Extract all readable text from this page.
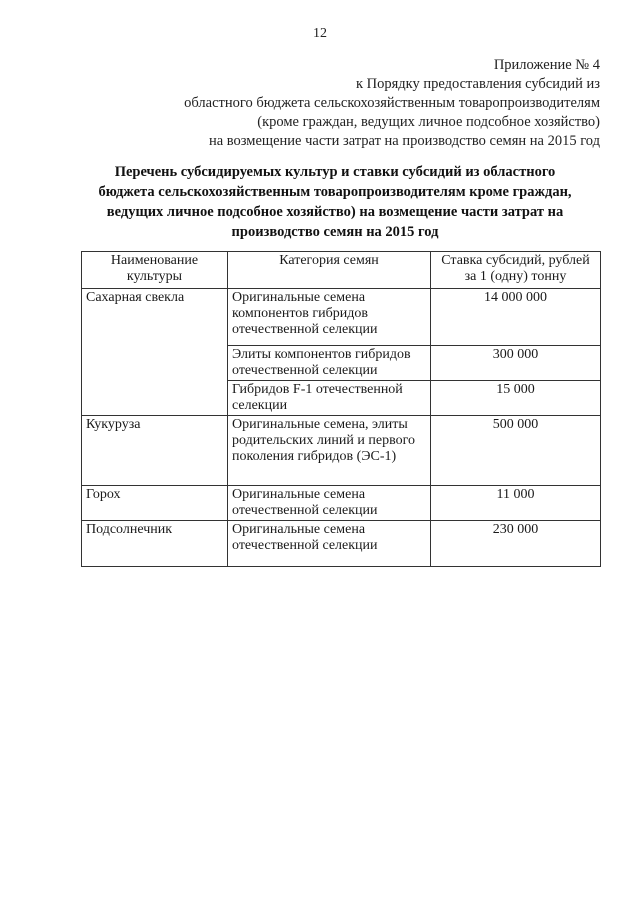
12
Приложение № 4
к Порядку предоставления субсидий из
областного бюджета сельскохозяйственным товаропроизводителям
(кроме граждан, ведущих личное подсобное хозяйство)
на возмещение части затрат на производство семян на 2015 год
Перечень субсидируемых культур и ставки субсидий из областного
бюджета сельскохозяйственным товаропроизводителям кроме граждан,
ведущих личное подсобное хозяйство) на возмещение части затрат на
производство семян на 2015 год
Наименование культуры	Категория семян	Ставка субсидий, рублей за 1 (одну) тонну
Сахарная свекла	Оригинальные семена компонентов гибридов отечественной селекции	14 000 000
	Элиты компонентов гибридов отечественной селекции	300 000
	Гибридов F-1 отечественной селекции	15 000
Кукуруза	Оригинальные семена, элиты родительских линий и первого поколения гибридов (ЭС-1)	500 000
Горох	Оригинальные семена отечественной селекции	11 000
Подсолнечник	Оригинальные семена отечественной селекции	230 000
